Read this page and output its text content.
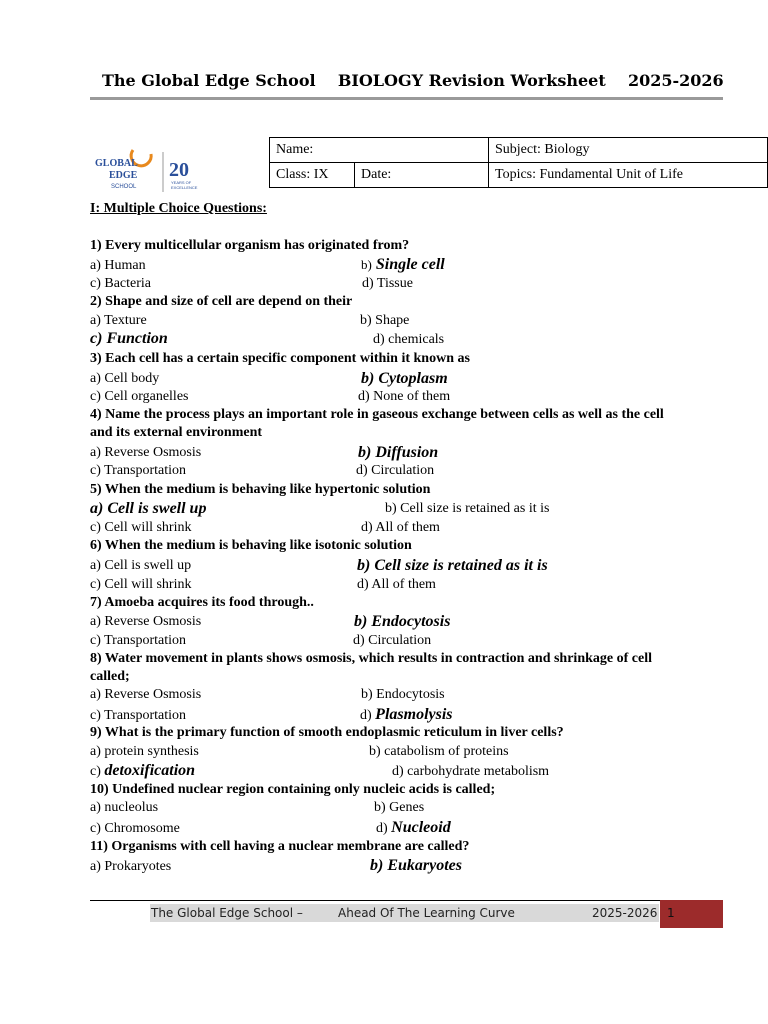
The Global Edge School BIOLOGY Revision Worksheet 2025-2026
GLOBAL
EDGE
SCHOOL
20
YEARS OF
EXCELLENCE
Name:		Subject: Biology
Class: IX	Date:	Topics: Fundamental Unit of Life
I: Multiple Choice Questions:
1) Every multicellular organism has originated from?
a) Human	b) Single cell
c) Bacteria	d) Tissue
2) Shape and size of cell are depend on their
a) Texture	b) Shape
c) Function	d) chemicals
3) Each cell has a certain specific component within it known as
a) Cell body	b) Cytoplasm
c) Cell organelles	d) None of them
4) Name the process plays an important role in gaseous exchange between cells as well as the cell
and its external environment
a) Reverse Osmosis	b) Diffusion
c) Transportation	d) Circulation
5) When the medium is behaving like hypertonic solution
a) Cell is swell up	b) Cell size is retained as it is
c) Cell will shrink	d) All of them
6) When the medium is behaving like isotonic solution
a) Cell is swell up	b) Cell size is retained as it is
c) Cell will shrink	d) All of them
7) Amoeba acquires its food through..
a) Reverse Osmosis	b) Endocytosis
c) Transportation	d) Circulation
8) Water movement in plants shows osmosis, which results in contraction and shrinkage of cell
called;
a) Reverse Osmosis	b) Endocytosis
c) Transportation	d) Plasmolysis
9) What is the primary function of smooth endoplasmic reticulum in liver cells?
a) protein synthesis	b) catabolism of proteins
c) detoxification	d) carbohydrate metabolism
10) Undefined nuclear region containing only nucleic acids is called;
a) nucleolus	b) Genes
c) Chromosome	d) Nucleoid
11) Organisms with cell having a nuclear membrane are called?
a) Prokaryotes	b) Eukaryotes
The Global Edge School –	Ahead Of The Learning Curve	2025-2026 1
